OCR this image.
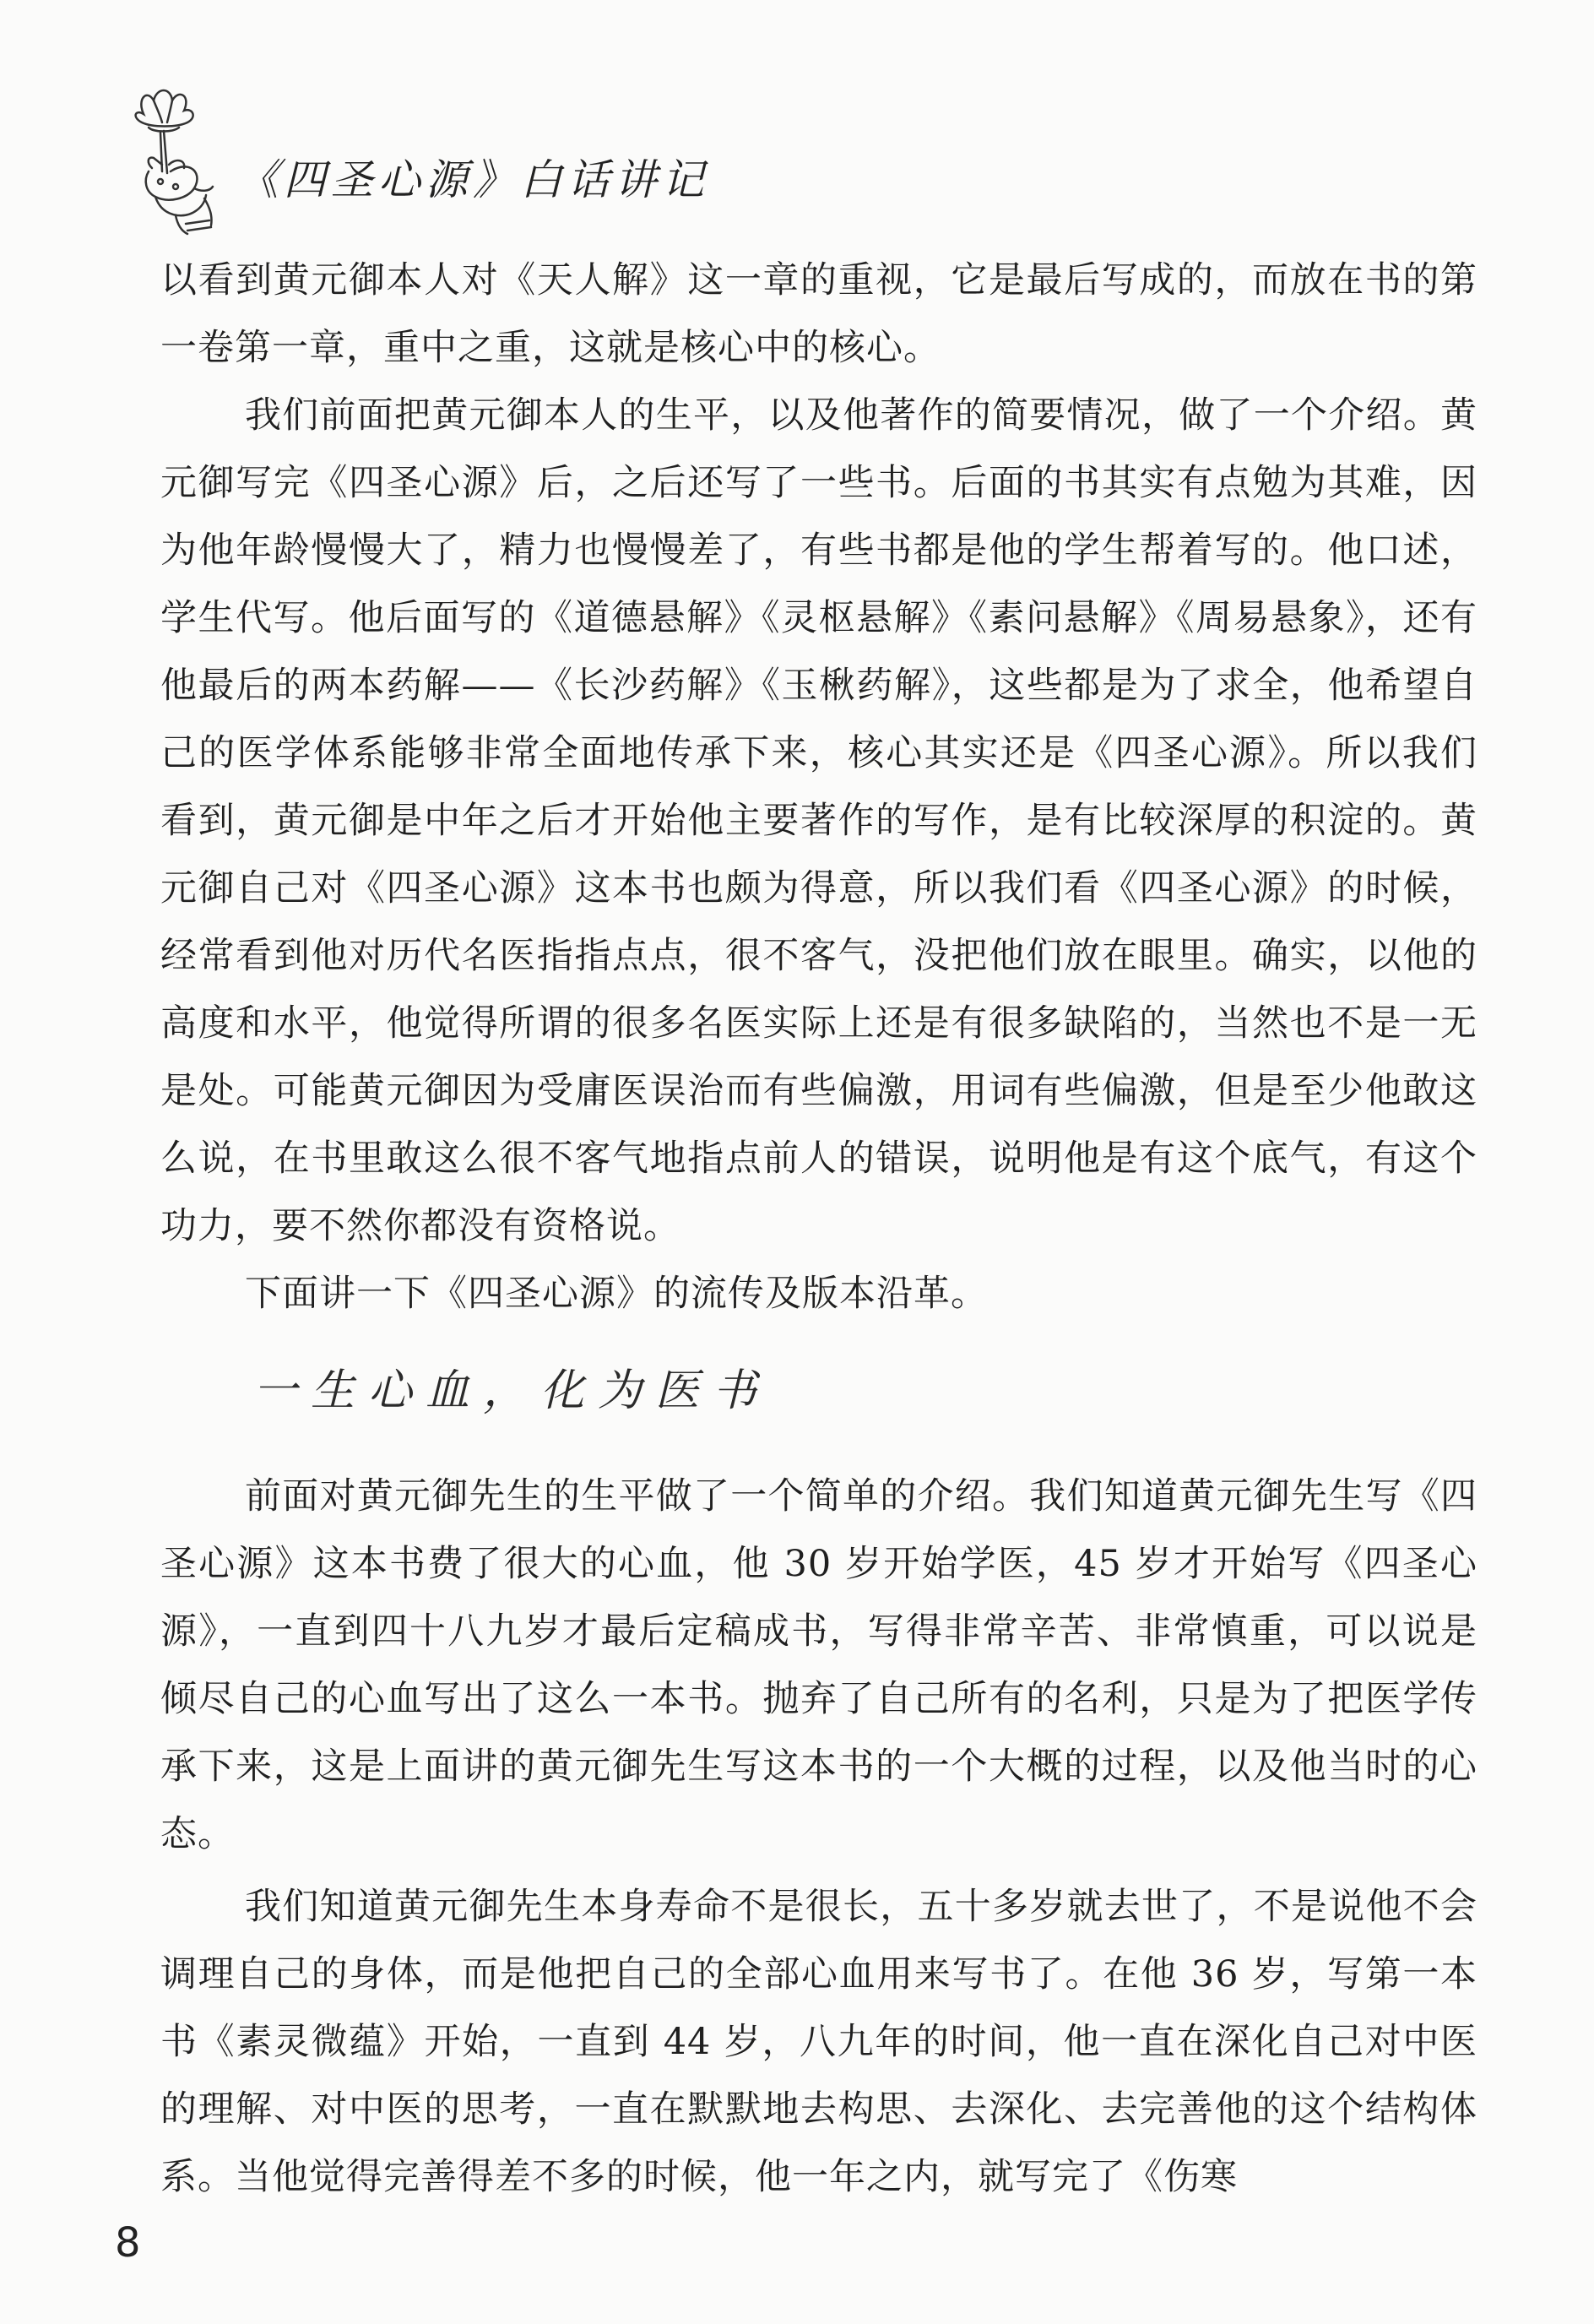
《四圣心源》白话讲记

以看到黄元御本人对《天人解》这一章的重视，它是最后写成的，而放在书的第一卷第一章，重中之重，这就是核心中的核心。

我们前面把黄元御本人的生平，以及他著作的简要情况，做了一个介绍。黄元御写完《四圣心源》后，之后还写了一些书。后面的书其实有点勉为其难，因为他年龄慢慢大了，精力也慢慢差了，有些书都是他的学生帮着写的。他口述，学生代写。他后面写的《道德悬解》《灵枢悬解》《素问悬解》《周易悬象》，还有他最后的两本药解——《长沙药解》《玉楸药解》，这些都是为了求全，他希望自己的医学体系能够非常全面地传承下来，核心其实还是《四圣心源》。所以我们看到，黄元御是中年之后才开始他主要著作的写作，是有比较深厚的积淀的。黄元御自己对《四圣心源》这本书也颇为得意，所以我们看《四圣心源》的时候，经常看到他对历代名医指指点点，很不客气，没把他们放在眼里。确实，以他的高度和水平，他觉得所谓的很多名医实际上还是有很多缺陷的，当然也不是一无是处。可能黄元御因为受庸医误治而有些偏激，用词有些偏激，但是至少他敢这么说，在书里敢这么很不客气地指点前人的错误，说明他是有这个底气，有这个功力，要不然你都没有资格说。

下面讲一下《四圣心源》的流传及版本沿革。

一生心血，化为医书

前面对黄元御先生的生平做了一个简单的介绍。我们知道黄元御先生写《四圣心源》这本书费了很大的心血，他 30 岁开始学医，45 岁才开始写《四圣心源》，一直到四十八九岁才最后定稿成书，写得非常辛苦、非常慎重，可以说是倾尽自己的心血写出了这么一本书。抛弃了自己所有的名利，只是为了把医学传承下来，这是上面讲的黄元御先生写这本书的一个大概的过程，以及他当时的心态。

我们知道黄元御先生本身寿命不是很长，五十多岁就去世了，不是说他不会调理自己的身体，而是他把自己的全部心血用来写书了。在他 36 岁，写第一本书《素灵微蕴》开始，一直到 44 岁，八九年的时间，他一直在深化自己对中医的理解、对中医的思考，一直在默默地去构思、去深化、去完善他的这个结构体系。当他觉得完善得差不多的时候，他一年之内，就写完了《伤寒

8
